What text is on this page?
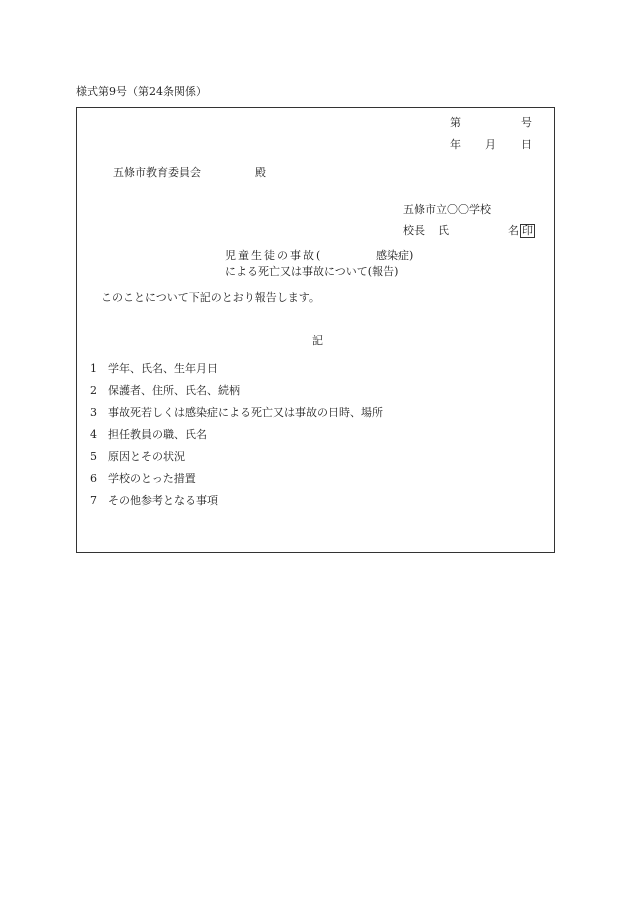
様式第9号（第24条関係）
第	号
年 月 日
五條市教育委員会	殿
五條市立〇〇学校
校長 氏	名 印
児童生徒の事故(	感染症)
による死亡又は事故について(報告)
このことについて下記のとおり報告します。
記
1 学年、氏名、生年月日
2 保護者、住所、氏名、続柄
3 事故死若しくは感染症による死亡又は事故の日時、場所
4 担任教員の職、氏名
5 原因とその状況
6 学校のとった措置
7 その他参考となる事項
